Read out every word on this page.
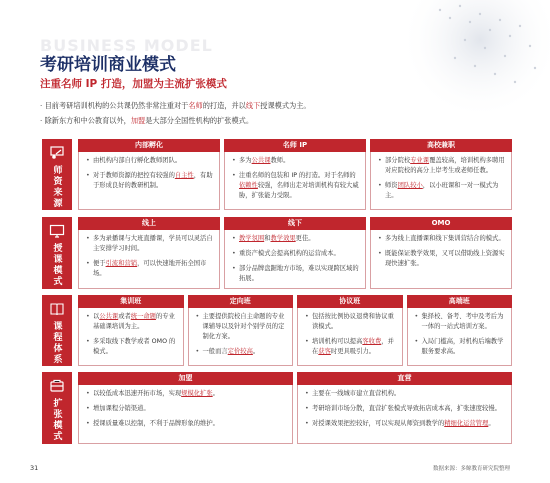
BUSINESS MODEL
考研培训商业模式
注重名师 IP 打造，加盟为主流扩张模式
· 目前考研培训机构的公共课仍然非常注重对于名师的打造，并以线下授课模式为主。
· 除新东方和中公教育以外，加盟是大部分全国性机构的扩张模式。
师资来源
内部孵化
• 由机构内部自行孵化教师团队。
• 对于教师资源的把控有较强的自主性，有助于形成良好的教研机制。
名师 IP
• 多为公共课教师。
• 注重名师的包装和 IP 的打造。对于名师的依赖性较强，名师出走对培训机构有较大威胁，扩张能力受限。
高校兼职
• 部分院校专业课覆盖较高，培训机构多聘用对应院校的高分上岸考生或老师任教。
• 师资团队较小，以小班课和一对一模式为主。
授课模式
线上
• 多为录播课与大班直播课，学员可以灵活自主安排学习时间。
• 便于引流和营销，可以快速地开拓全国市场。
线下
• 教学氛围和教学效果更佳。
• 重资产模式会提高机构的运营成本。
• 部分品牌盘踞地方市场，难以实现跨区域的拓展。
OMO
• 多为线上直播课和线下集训营结合的模式。
• 既能保证教学效果，又可以借助线上资源实现快速扩张。
课程体系
集训班
• 以公共课或者统一命题的专业基础课培训为主。
• 多采取线下教学或者 OMO 的模式。
定向班
• 主要提供院校自主命题的专业课辅导以及针对个别学员的定制化方案。
• 一般而言定价较高。
协议班
• 包括按比例协议退费和协议重读模式。
• 培训机构可以提高客收费，并在获客时更具吸引力。
高端班
• 集择校、备考、考中及考后为一体的一站式培训方案。
• 入局门槛高，对机构后端教学服务要求高。
扩张模式
加盟
• 以较低成本迅速开拓市场，实现规模化扩张。
• 增加课程分销渠道。
• 授课质量难以控制，不利于品牌形象的维护。
直营
• 主要在一线城市建立直营机构。
• 考研培训市场分散，直营扩张模式导致拓店成本高，扩张速度较慢。
• 对授课效果把控较好，可以实现从师资到教学的精细化运营管理。
31	数据来源：多鲸教育研究院整理
